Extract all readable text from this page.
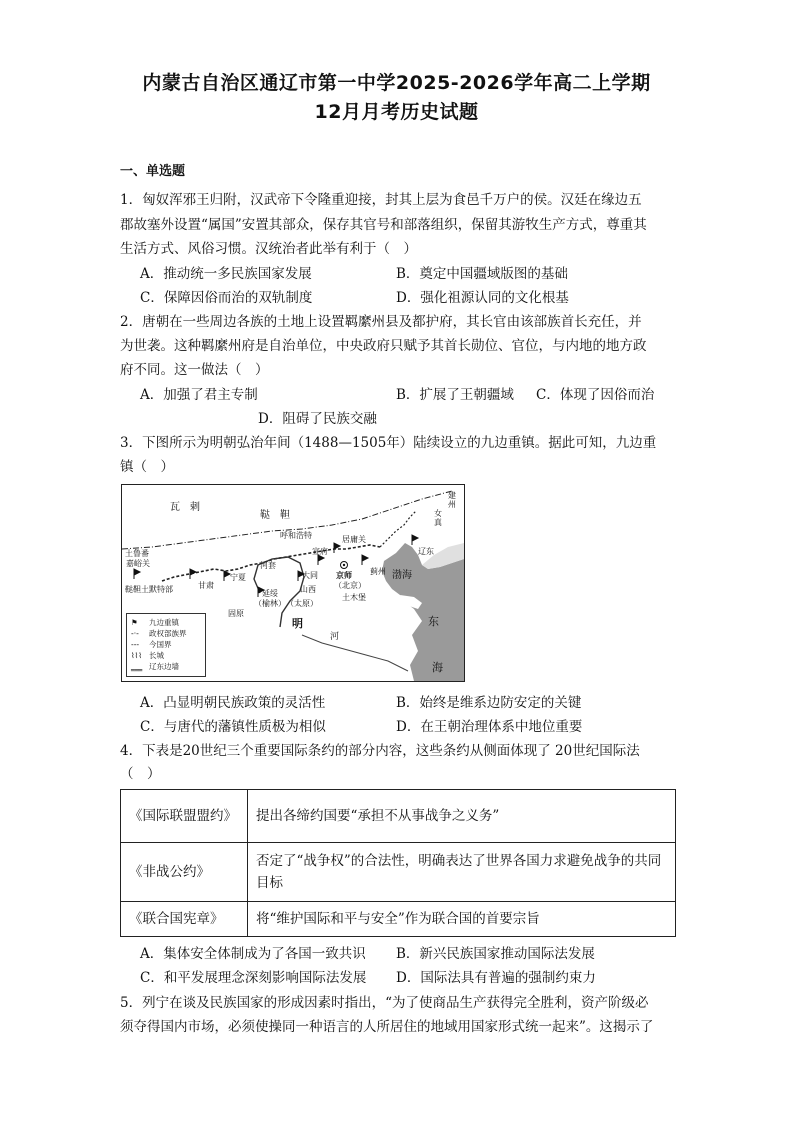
内蒙古自治区通辽市第一中学2025-2026学年高二上学期
12月月考历史试题
一、单选题
1．匈奴浑邪王归附，汉武帝下令隆重迎接，封其上层为食邑千万户的侯。汉廷在缘边五
郡故塞外设置“属国”安置其部众，保存其官号和部落组织，保留其游牧生产方式，尊重其
生活方式、风俗习惯。汉统治者此举有利于（　）
A．推动统一多民族国家发展	B．奠定中国疆域版图的基础
C．保障因俗而治的双轨制度	D．强化祖源认同的文化根基
2．唐朝在一些周边各族的土地上设置羁縻州县及都护府，其长官由该部族首长充任，并
为世袭。这种羁縻州府是自治单位，中央政府只赋予其首长勋位、官位，与内地的地方政
府不同。这一做法（　）
A．加强了君主专制	B．扩展了王朝疆域 C．体现了因俗而治
D．阻碍了民族交融
3．下图所示为明朝弘治年间（1488—1505年）陆续设立的九边重镇。据此可知，九边重
镇（　）
瓦　剌
鞑　靼
建州
女真
土鲁番
嘉峪关
鞑靼土默特部
呼和浩特	居庸关
宣府
蓟州
辽东
大同 京师
（北京）
山西
土木堡
（太原）
宁夏
甘肃
河套
延绥
（榆林）
固原
明
渤海
河
东
海
⚑ 九边重镇
-·- 政权部族界
--- 今国界
⌇⌇⌇ 长城
‗‗‗ 辽东边墙
A．凸显明朝民族政策的灵活性	B．始终是维系边防安定的关键
C．与唐代的藩镇性质极为相似	D．在王朝治理体系中地位重要
4．下表是20世纪三个重要国际条约的部分内容，这些条约从侧面体现了 20世纪国际法
（　）
《国际联盟盟约》	提出各缔约国要“承担不从事战争之义务”
《非战公约》	否定了“战争权”的合法性，明确表达了世界各国力求避免战争的共同目标
《联合国宪章》	将“维护国际和平与安全”作为联合国的首要宗旨
A．集体安全体制成为了各国一致共识 B．新兴民族国家推动国际法发展
C．和平发展理念深刻影响国际法发展 D．国际法具有普遍的强制约束力
5．列宁在谈及民族国家的形成因素时指出，“为了使商品生产获得完全胜利，资产阶级必
须夺得国内市场，必须使操同一种语言的人所居住的地域用国家形式统一起来”。这揭示了
